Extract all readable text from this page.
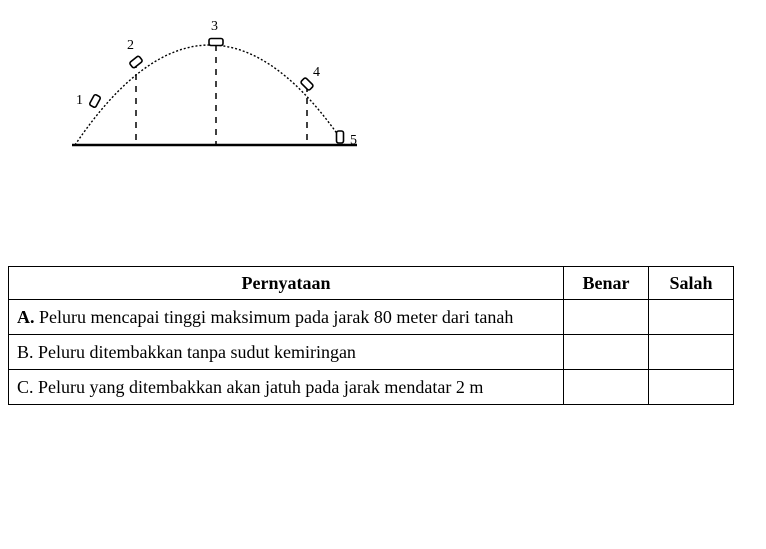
1
2
3
4
5
Pernyataan	Benar	Salah
A. Peluru mencapai tinggi maksimum pada jarak 80 meter dari tanah		
B. Peluru ditembakkan tanpa sudut kemiringan		
C. Peluru yang ditembakkan akan jatuh pada jarak mendatar 2 m		
